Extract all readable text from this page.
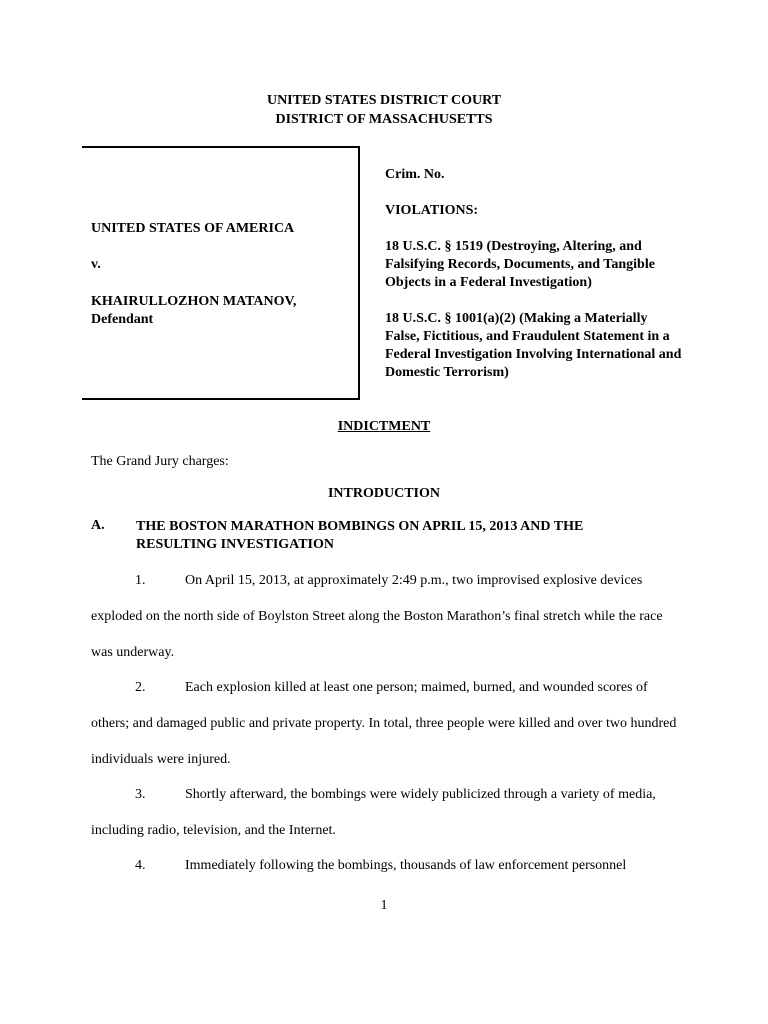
UNITED STATES DISTRICT COURT
DISTRICT OF MASSACHUSETTS
UNITED STATES OF AMERICA
v.
KHAIRULLOZHON MATANOV,
Defendant
Crim. No.
VIOLATIONS:
18 U.S.C. § 1519 (Destroying, Altering, and Falsifying Records, Documents, and Tangible Objects in a Federal Investigation)
18 U.S.C. § 1001(a)(2) (Making a Materially False, Fictitious, and Fraudulent Statement in a Federal Investigation Involving International and Domestic Terrorism)
INDICTMENT
The Grand Jury charges:
INTRODUCTION
A. THE BOSTON MARATHON BOMBINGS ON APRIL 15, 2013 AND THE RESULTING INVESTIGATION
1.	On April 15, 2013, at approximately 2:49 p.m., two improvised explosive devices exploded on the north side of Boylston Street along the Boston Marathon’s final stretch while the race was underway.
2.	Each explosion killed at least one person; maimed, burned, and wounded scores of others; and damaged public and private property. In total, three people were killed and over two hundred individuals were injured.
3.	Shortly afterward, the bombings were widely publicized through a variety of media, including radio, television, and the Internet.
4.	Immediately following the bombings, thousands of law enforcement personnel
1
